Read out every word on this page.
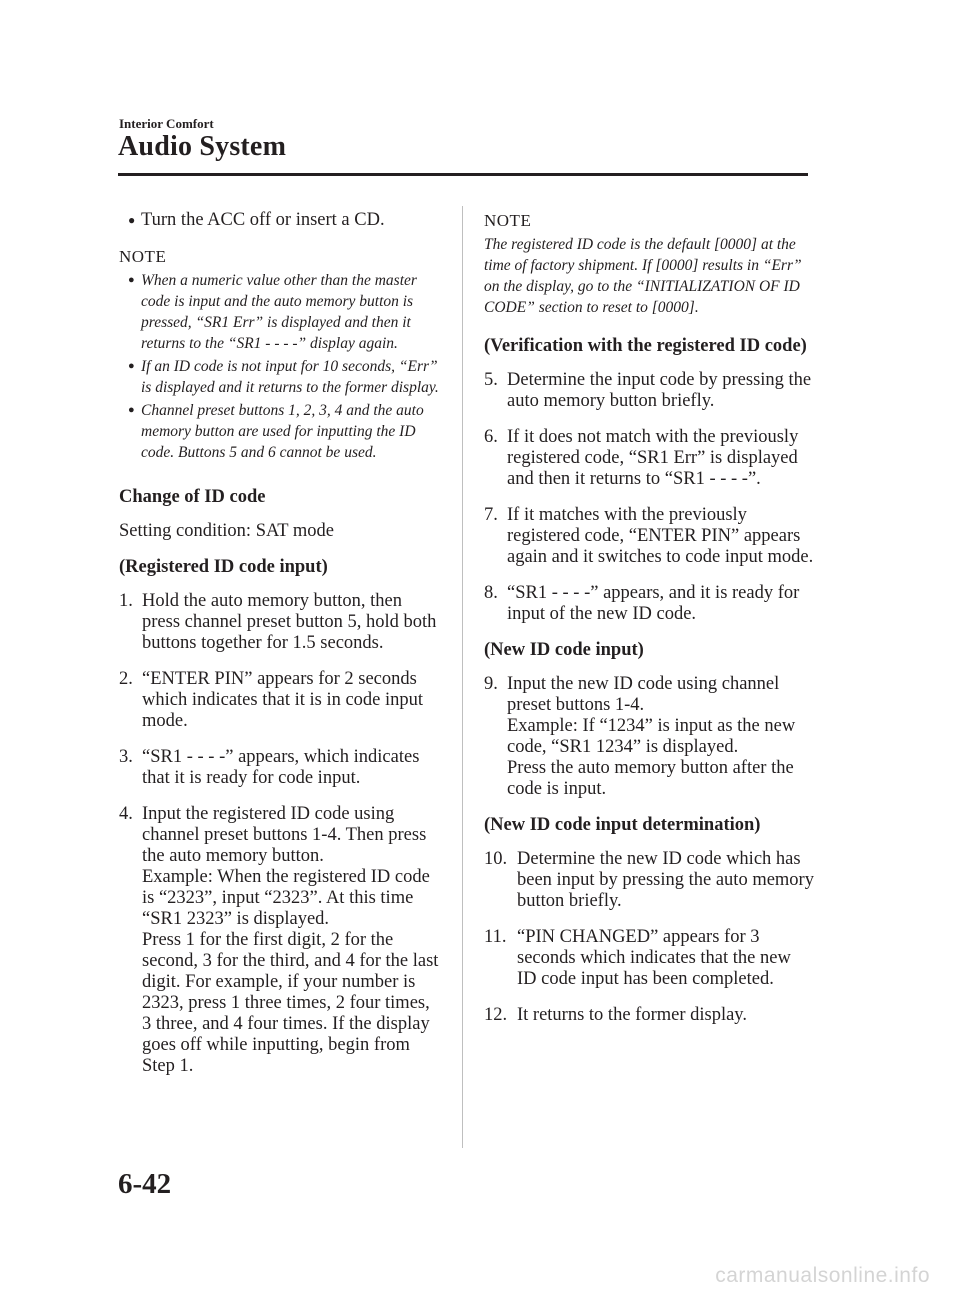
Interior Comfort
Audio System
● Turn the ACC off or insert a CD.
NOTE
● When a numeric value other than the master code is input and the auto memory button is pressed, “SR1 Err” is displayed and then it returns to the “SR1 - - - -” display again.
● If an ID code is not input for 10 seconds, “Err” is displayed and it returns to the former display.
● Channel preset buttons 1, 2, 3, 4 and the auto memory button are used for inputting the ID code. Buttons 5 and 6 cannot be used.
Change of ID code
Setting condition: SAT mode
(Registered ID code input)
1. Hold the auto memory button, then press channel preset button 5, hold both buttons together for 1.5 seconds.
2. “ENTER PIN” appears for 2 seconds which indicates that it is in code input mode.
3. “SR1 - - - -” appears, which indicates that it is ready for code input.
4. Input the registered ID code using channel preset buttons 1-4. Then press the auto memory button.
Example: When the registered ID code is “2323”, input “2323”. At this time “SR1 2323” is displayed.
Press 1 for the first digit, 2 for the second, 3 for the third, and 4 for the last digit. For example, if your number is 2323, press 1 three times, 2 four times, 3 three, and 4 four times. If the display goes off while inputting, begin from Step 1.
NOTE
The registered ID code is the default [0000] at the time of factory shipment. If [0000] results in “Err” on the display, go to the “INITIALIZATION OF ID CODE” section to reset to [0000].
(Verification with the registered ID code)
5. Determine the input code by pressing the auto memory button briefly.
6. If it does not match with the previously registered code, “SR1 Err” is displayed and then it returns to “SR1 - - - -”.
7. If it matches with the previously registered code, “ENTER PIN” appears again and it switches to code input mode.
8. “SR1 - - - -” appears, and it is ready for input of the new ID code.
(New ID code input)
9. Input the new ID code using channel preset buttons 1-4.
Example: If “1234” is input as the new code, “SR1 1234” is displayed.
Press the auto memory button after the code is input.
(New ID code input determination)
10. Determine the new ID code which has been input by pressing the auto memory button briefly.
11. “PIN CHANGED” appears for 3 seconds which indicates that the new ID code input has been completed.
12. It returns to the former display.
6-42
carmanualsonline.info
